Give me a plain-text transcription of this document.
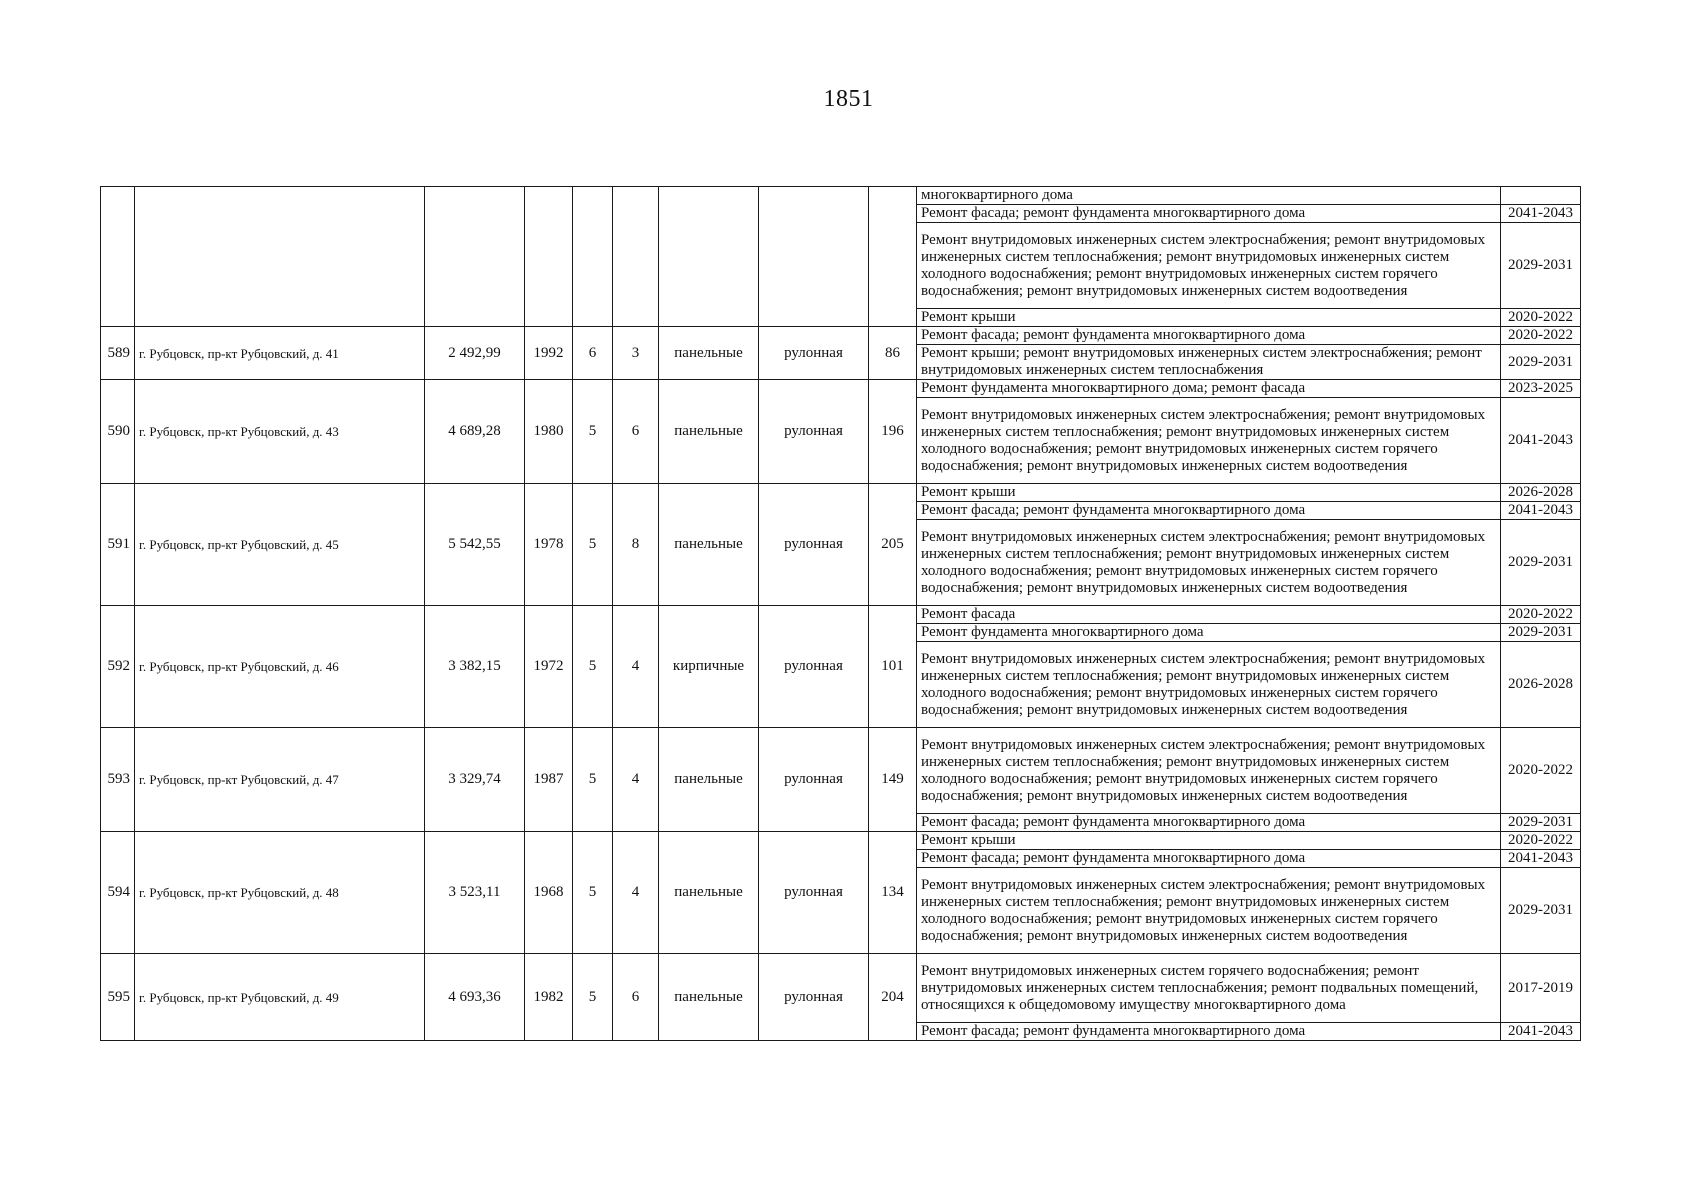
1851
									многоквартирного дома	
									Ремонт фасада; ремонт фундамента многоквартирного дома	2041-2043
									Ремонт внутридомовых инженерных систем электроснабжения; ремонт внутридомовых инженерных систем теплоснабжения; ремонт внутридомовых инженерных систем холодного водоснабжения; ремонт внутридомовых инженерных систем горячего водоснабжения; ремонт внутридомовых инженерных систем водоотведения	2029-2031
									Ремонт крыши	2020-2022
589	г. Рубцовск, пр-кт Рубцовский, д. 41	2 492,99	1992	6	3	панельные	рулонная	86	Ремонт фасада; ремонт фундамента многоквартирного дома	2020-2022
									Ремонт крыши; ремонт внутридомовых инженерных систем электроснабжения; ремонт внутридомовых инженерных систем теплоснабжения	2029-2031
590	г. Рубцовск, пр-кт Рубцовский, д. 43	4 689,28	1980	5	6	панельные	рулонная	196	Ремонт фундамента многоквартирного дома; ремонт фасада	2023-2025
									Ремонт внутридомовых инженерных систем электроснабжения; ремонт внутридомовых инженерных систем теплоснабжения; ремонт внутридомовых инженерных систем холодного водоснабжения; ремонт внутридомовых инженерных систем горячего водоснабжения; ремонт внутридомовых инженерных систем водоотведения	2041-2043
591	г. Рубцовск, пр-кт Рубцовский, д. 45	5 542,55	1978	5	8	панельные	рулонная	205	Ремонт крыши	2026-2028
									Ремонт фасада; ремонт фундамента многоквартирного дома	2041-2043
									Ремонт внутридомовых инженерных систем электроснабжения; ремонт внутридомовых инженерных систем теплоснабжения; ремонт внутридомовых инженерных систем холодного водоснабжения; ремонт внутридомовых инженерных систем горячего водоснабжения; ремонт внутридомовых инженерных систем водоотведения	2029-2031
592	г. Рубцовск, пр-кт Рубцовский, д. 46	3 382,15	1972	5	4	кирпичные	рулонная	101	Ремонт фасада	2020-2022
									Ремонт фундамента многоквартирного дома	2029-2031
									Ремонт внутридомовых инженерных систем электроснабжения; ремонт внутридомовых инженерных систем теплоснабжения; ремонт внутридомовых инженерных систем холодного водоснабжения; ремонт внутридомовых инженерных систем горячего водоснабжения; ремонт внутридомовых инженерных систем водоотведения	2026-2028
593	г. Рубцовск, пр-кт Рубцовский, д. 47	3 329,74	1987	5	4	панельные	рулонная	149	Ремонт внутридомовых инженерных систем электроснабжения; ремонт внутридомовых инженерных систем теплоснабжения; ремонт внутридомовых инженерных систем холодного водоснабжения; ремонт внутридомовых инженерных систем горячего водоснабжения; ремонт внутридомовых инженерных систем водоотведения	2020-2022
									Ремонт фасада; ремонт фундамента многоквартирного дома	2029-2031
594	г. Рубцовск, пр-кт Рубцовский, д. 48	3 523,11	1968	5	4	панельные	рулонная	134	Ремонт крыши	2020-2022
									Ремонт фасада; ремонт фундамента многоквартирного дома	2041-2043
									Ремонт внутридомовых инженерных систем электроснабжения; ремонт внутридомовых инженерных систем теплоснабжения; ремонт внутридомовых инженерных систем холодного водоснабжения; ремонт внутридомовых инженерных систем горячего водоснабжения; ремонт внутридомовых инженерных систем водоотведения	2029-2031
595	г. Рубцовск, пр-кт Рубцовский, д. 49	4 693,36	1982	5	6	панельные	рулонная	204	Ремонт внутридомовых инженерных систем горячего водоснабжения; ремонт внутридомовых инженерных систем теплоснабжения; ремонт подвальных помещений, относящихся к общедомовому имуществу многоквартирного дома	2017-2019
									Ремонт фасада; ремонт фундамента многоквартирного дома	2041-2043
